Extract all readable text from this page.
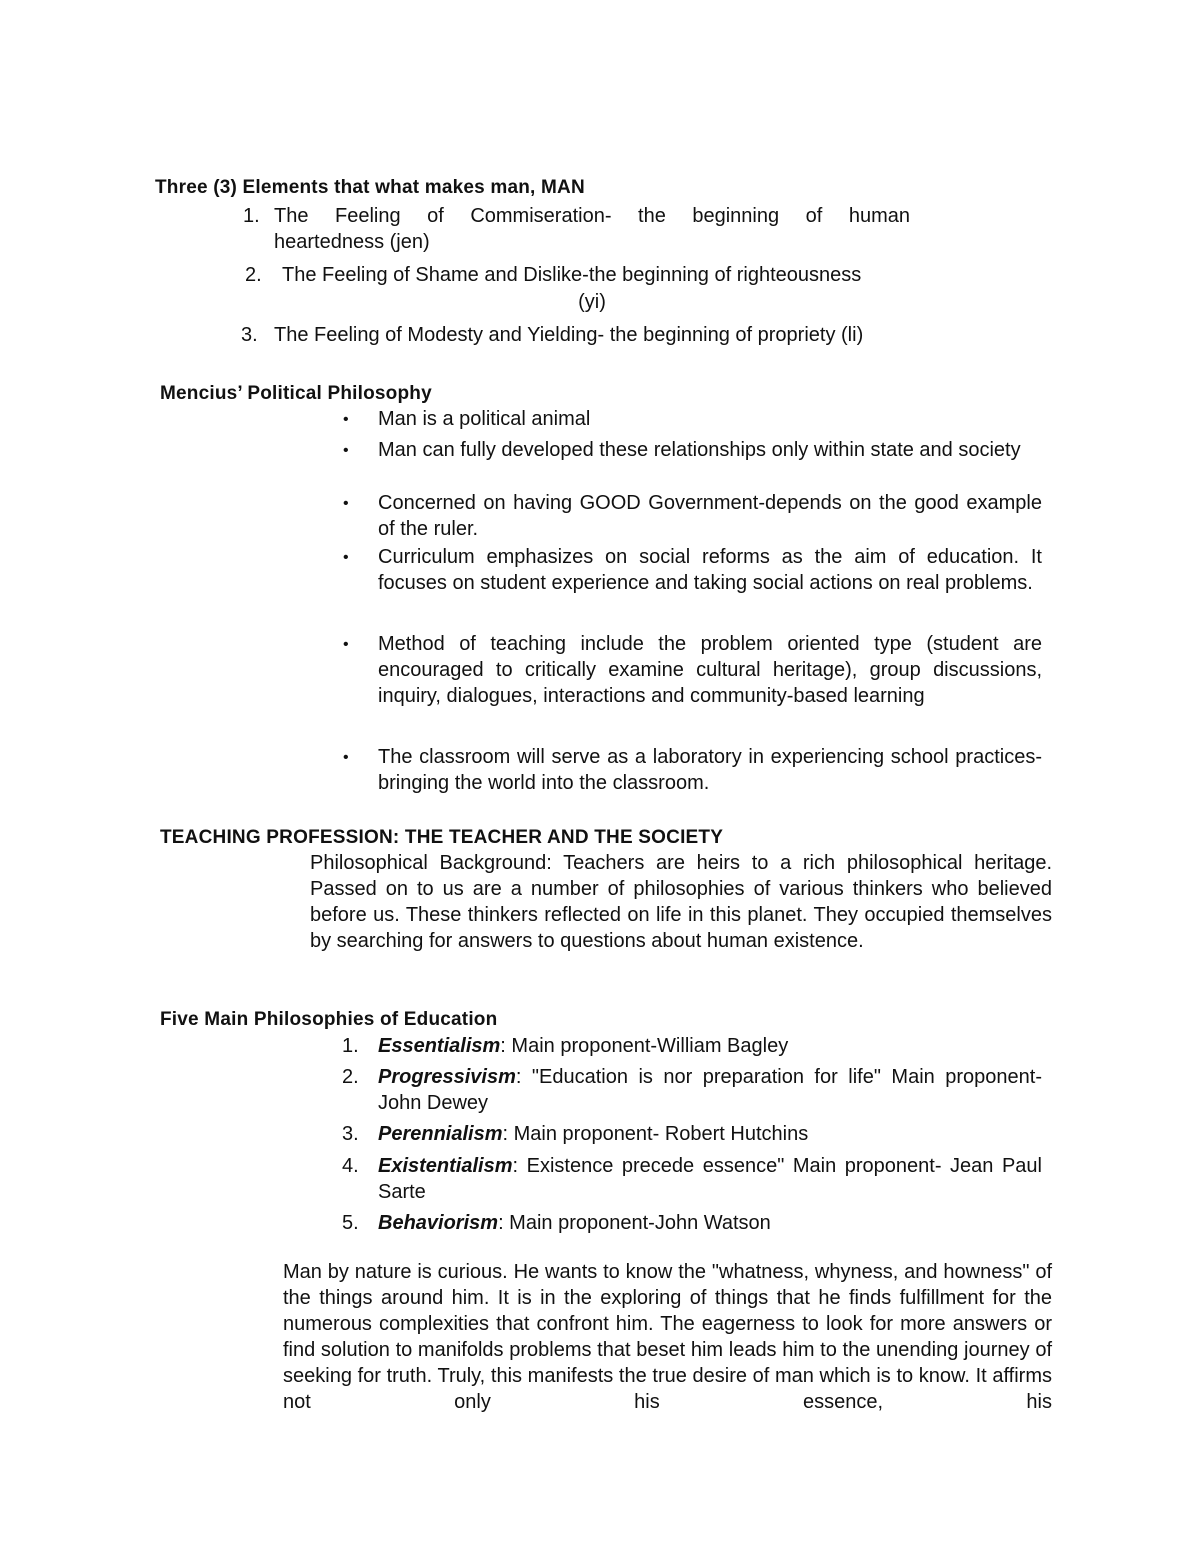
Three (3) Elements that what makes man, MAN
1. The Feeling of Commiseration- the beginning of human
heartedness (jen)
2. The Feeling of Shame and Dislike-the beginning of righteousness
(yi)
3. The Feeling of Modesty and Yielding- the beginning of propriety (li)
Mencius’ Political Philosophy
• Man is a political animal
• Man can fully developed these relationships only within state and society
• Concerned on having GOOD Government-depends on the good example of the ruler.
• Curriculum emphasizes on social reforms as the aim of education. It focuses on student experience and taking social actions on real problems.
• Method of teaching include the problem oriented type (student are encouraged to critically examine cultural heritage), group discussions, inquiry, dialogues, interactions and community-based learning
• The classroom will serve as a laboratory in experiencing school practices-bringing the world into the classroom.
TEACHING PROFESSION: THE TEACHER AND THE SOCIETY
Philosophical Background: Teachers are heirs to a rich philosophical heritage. Passed on to us are a number of philosophies of various thinkers who believed before us. These thinkers reflected on life in this planet. They occupied themselves by searching for answers to questions about human existence.
Five Main Philosophies of Education
1. Essentialism: Main proponent-William Bagley
2. Progressivism: "Education is nor preparation for life" Main proponent-John Dewey
3. Perennialism: Main proponent- Robert Hutchins
4. Existentialism: Existence precede essence" Main proponent- Jean Paul Sarte
5. Behaviorism: Main proponent-John Watson
Man by nature is curious. He wants to know the "whatness, whyness, and howness" of the things around him. It is in the exploring of things that he finds fulfillment for the numerous complexities that confront him. The eagerness to look for more answers or find solution to manifolds problems that beset him leads him to the unending journey of seeking for truth. Truly, this manifests the true desire of man which is to know. It affirms not only his essence, his
